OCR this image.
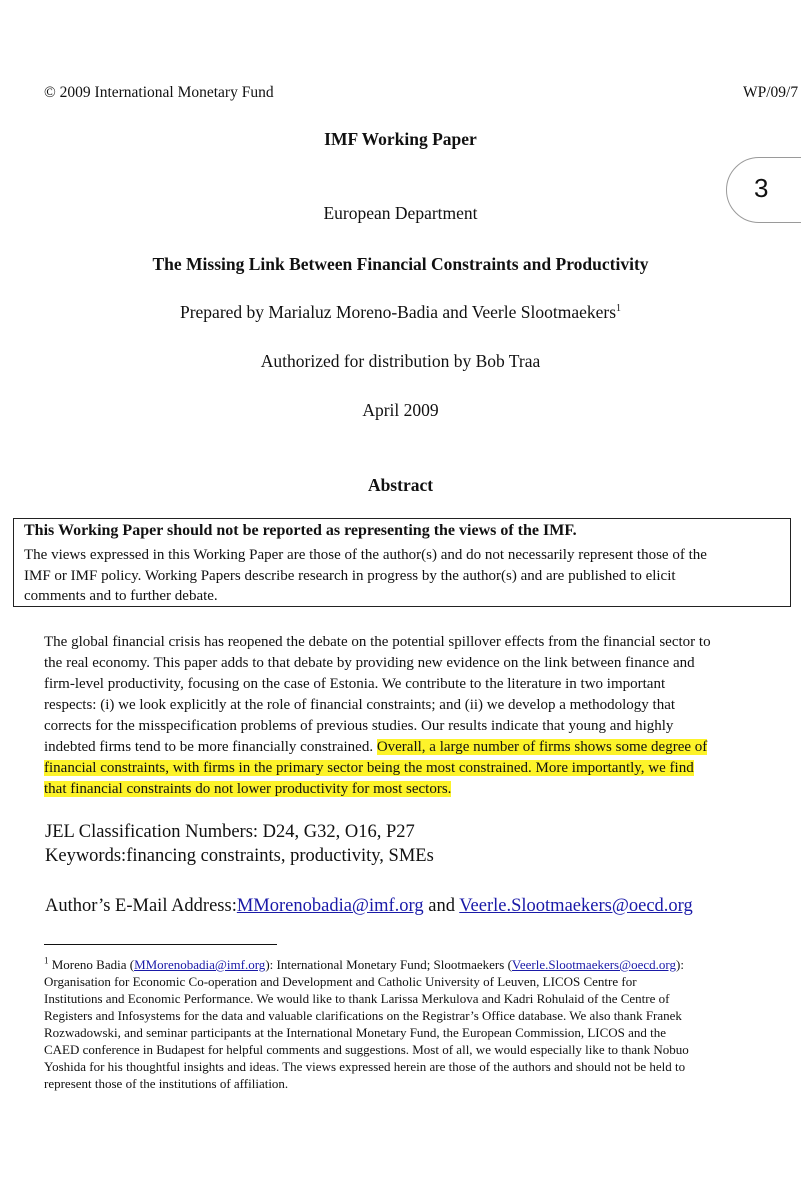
© 2009 International Monetary Fund	WP/09/7
IMF Working Paper
3
European Department
The Missing Link Between Financial Constraints and Productivity
Prepared by Marialuz Moreno-Badia and Veerle Slootmaekers$^1$
Authorized for distribution by Bob Traa
April 2009
Abstract
This Working Paper should not be reported as representing the views of the IMF.
The views expressed in this Working Paper are those of the author(s) and do not necessarily represent those of the
IMF or IMF policy. Working Papers describe research in progress by the author(s) and are published to elicit
comments and to further debate.
The global financial crisis has reopened the debate on the potential spillover effects from the financial sector to
the real economy. This paper adds to that debate by providing new evidence on the link between finance and
firm-level productivity, focusing on the case of Estonia. We contribute to the literature in two important
respects: (i) we look explicitly at the role of financial constraints; and (ii) we develop a methodology that
corrects for the misspecification problems of previous studies. Our results indicate that young and highly
indebted firms tend to be more financially constrained. Overall, a large number of firms shows some degree of
financial constraints, with firms in the primary sector being the most constrained. More importantly, we find
that financial constraints do not lower productivity for most sectors.
JEL Classification Numbers: D24, G32, O16, P27
Keywords:financing constraints, productivity, SMEs
Author’s E-Mail Address:MMorenobadia@imf.org and Veerle.Slootmaekers@oecd.org
$^1$ Moreno Badia (MMorenobadia@imf.org): International Monetary Fund; Slootmaekers (Veerle.Slootmaekers@oecd.org):
Organisation for Economic Co-operation and Development and Catholic University of Leuven, LICOS Centre for
Institutions and Economic Performance. We would like to thank Larissa Merkulova and Kadri Rohulaid of the Centre of
Registers and Infosystems for the data and valuable clarifications on the Registrar’s Office database. We also thank Franek
Rozwadowski, and seminar participants at the International Monetary Fund, the European Commission, LICOS and the
CAED conference in Budapest for helpful comments and suggestions. Most of all, we would especially like to thank Nobuo
Yoshida for his thoughtful insights and ideas. The views expressed herein are those of the authors and should not be held to
represent those of the institutions of affiliation.
